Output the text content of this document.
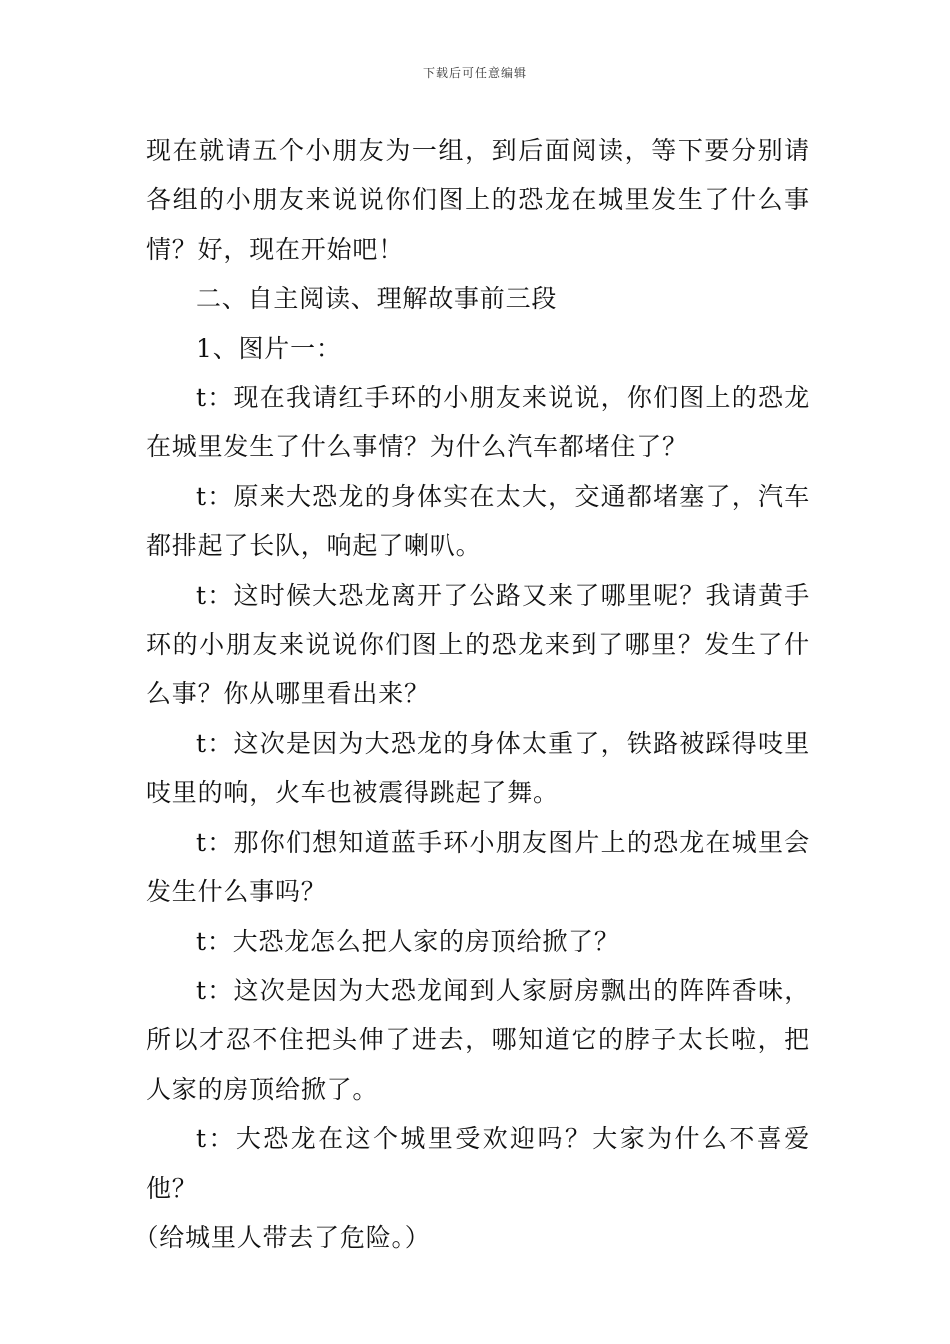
下载后可任意编辑

现在就请五个小朋友为一组，到后面阅读，等下要分别请各组的小朋友来说说你们图上的恐龙在城里发生了什么事情？好，现在开始吧！

二、自主阅读、理解故事前三段

1、图片一：

t：现在我请红手环的小朋友来说说，你们图上的恐龙在城里发生了什么事情？为什么汽车都堵住了？

t：原来大恐龙的身体实在太大，交通都堵塞了，汽车都排起了长队，响起了喇叭。

t：这时候大恐龙离开了公路又来了哪里呢？我请黄手环的小朋友来说说你们图上的恐龙来到了哪里？发生了什么事？你从哪里看出来？

t：这次是因为大恐龙的身体太重了，铁路被踩得吱里吱里的响，火车也被震得跳起了舞。

t：那你们想知道蓝手环小朋友图片上的恐龙在城里会发生什么事吗？

t：大恐龙怎么把人家的房顶给掀了？

t：这次是因为大恐龙闻到人家厨房飘出的阵阵香味，所以才忍不住把头伸了进去，哪知道它的脖子太长啦，把人家的房顶给掀了。

t：大恐龙在这个城里受欢迎吗？大家为什么不喜爱他？

（给城里人带去了危险。）
